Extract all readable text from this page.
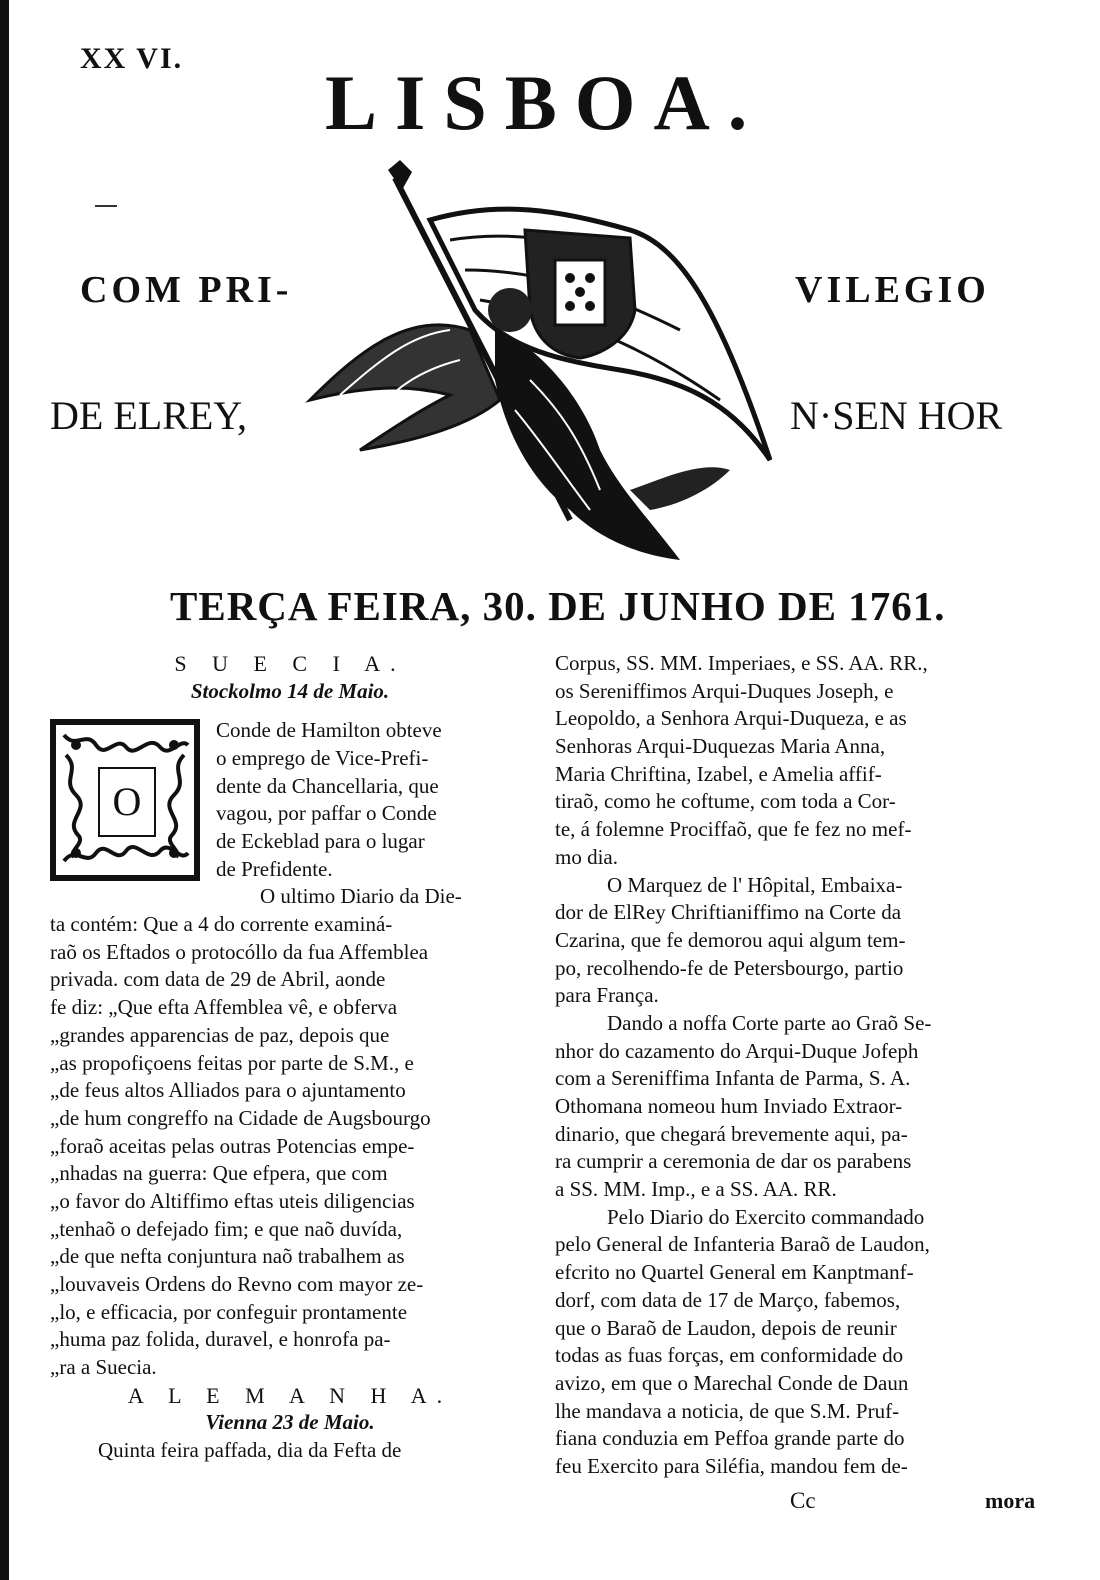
XX VI.
LISBOA.
COM PRI-	VILEGIO
DE ELREY,	N·SEN HOR
TERÇA FEIRA, 30. DE JUNHO DE 1761.
S U E C I A.
Stockolmo 14 de Maio.
O
Conde de Hamilton obteve
o emprego de Vice-Prefi-
dente da Chancellaria, que
vagou, por paffar o Conde
de Eckeblad para o lugar
de Prefidente.
O ultimo Diario da Die-
ta contém: Que a 4 do corrente examiná-
raõ os Eftados o protocóllo da fua Affemblea
privada. com data de 29 de Abril, aonde
fe diz: „Que efta Affemblea vê, e obferva
„grandes apparencias de paz, depois que
„as propofiçoens feitas por parte de S.M., e
„de feus altos Alliados para o ajuntamento
„de hum congreffo na Cidade de Augsbourgo
„foraõ aceitas pelas outras Potencias empe-
„nhadas na guerra: Que efpera, que com
„o favor do Altiffimo eftas uteis diligencias
„tenhaõ o defejado fim; e que naõ duvída,
„de que nefta conjuntura naõ trabalhem as
„louvaveis Ordens do Revno com mayor ze-
„lo, e efficacia, por confeguir prontamente
„huma paz folida, duravel, e honrofa pa-
„ra a Suecia.
A L E M A N H A.
Vienna 23 de Maio.
Quinta feira paffada, dia da Fefta de
Corpus, SS. MM. Imperiaes, e SS. AA. RR.,
os Sereniffimos Arqui-Duques Joseph, e
Leopoldo, a Senhora Arqui-Duqueza, e as
Senhoras Arqui-Duquezas Maria Anna,
Maria Chriftina, Izabel, e Amelia affif-
tiraõ, como he coftume, com toda a Cor-
te, á folemne Prociffaõ, que fe fez no mef-
mo dia.
O Marquez de l' Hôpital, Embaixa-
dor de ElRey Chriftianiffimo na Corte da
Czarina, que fe demorou aqui algum tem-
po, recolhendo-fe de Petersbourgo, partio
para França.
Dando a noffa Corte parte ao Graõ Se-
nhor do cazamento do Arqui-Duque Jofeph
com a Sereniffima Infanta de Parma, S. A.
Othomana nomeou hum Inviado Extraor-
dinario, que chegará brevemente aqui, pa-
ra cumprir a ceremonia de dar os parabens
a SS. MM. Imp., e a SS. AA. RR.
Pelo Diario do Exercito commandado
pelo General de Infanteria Baraõ de Laudon,
efcrito no Quartel General em Kanptmanf-
dorf, com data de 17 de Março, fabemos,
que o Baraõ de Laudon, depois de reunir
todas as fuas forças, em conformidade do
avizo, em que o Marechal Conde de Daun
lhe mandava a noticia, de que S.M. Pruf-
fiana conduzia em Peffoa grande parte do
feu Exercito para Siléfia, mandou fem de-
Cc	mora
